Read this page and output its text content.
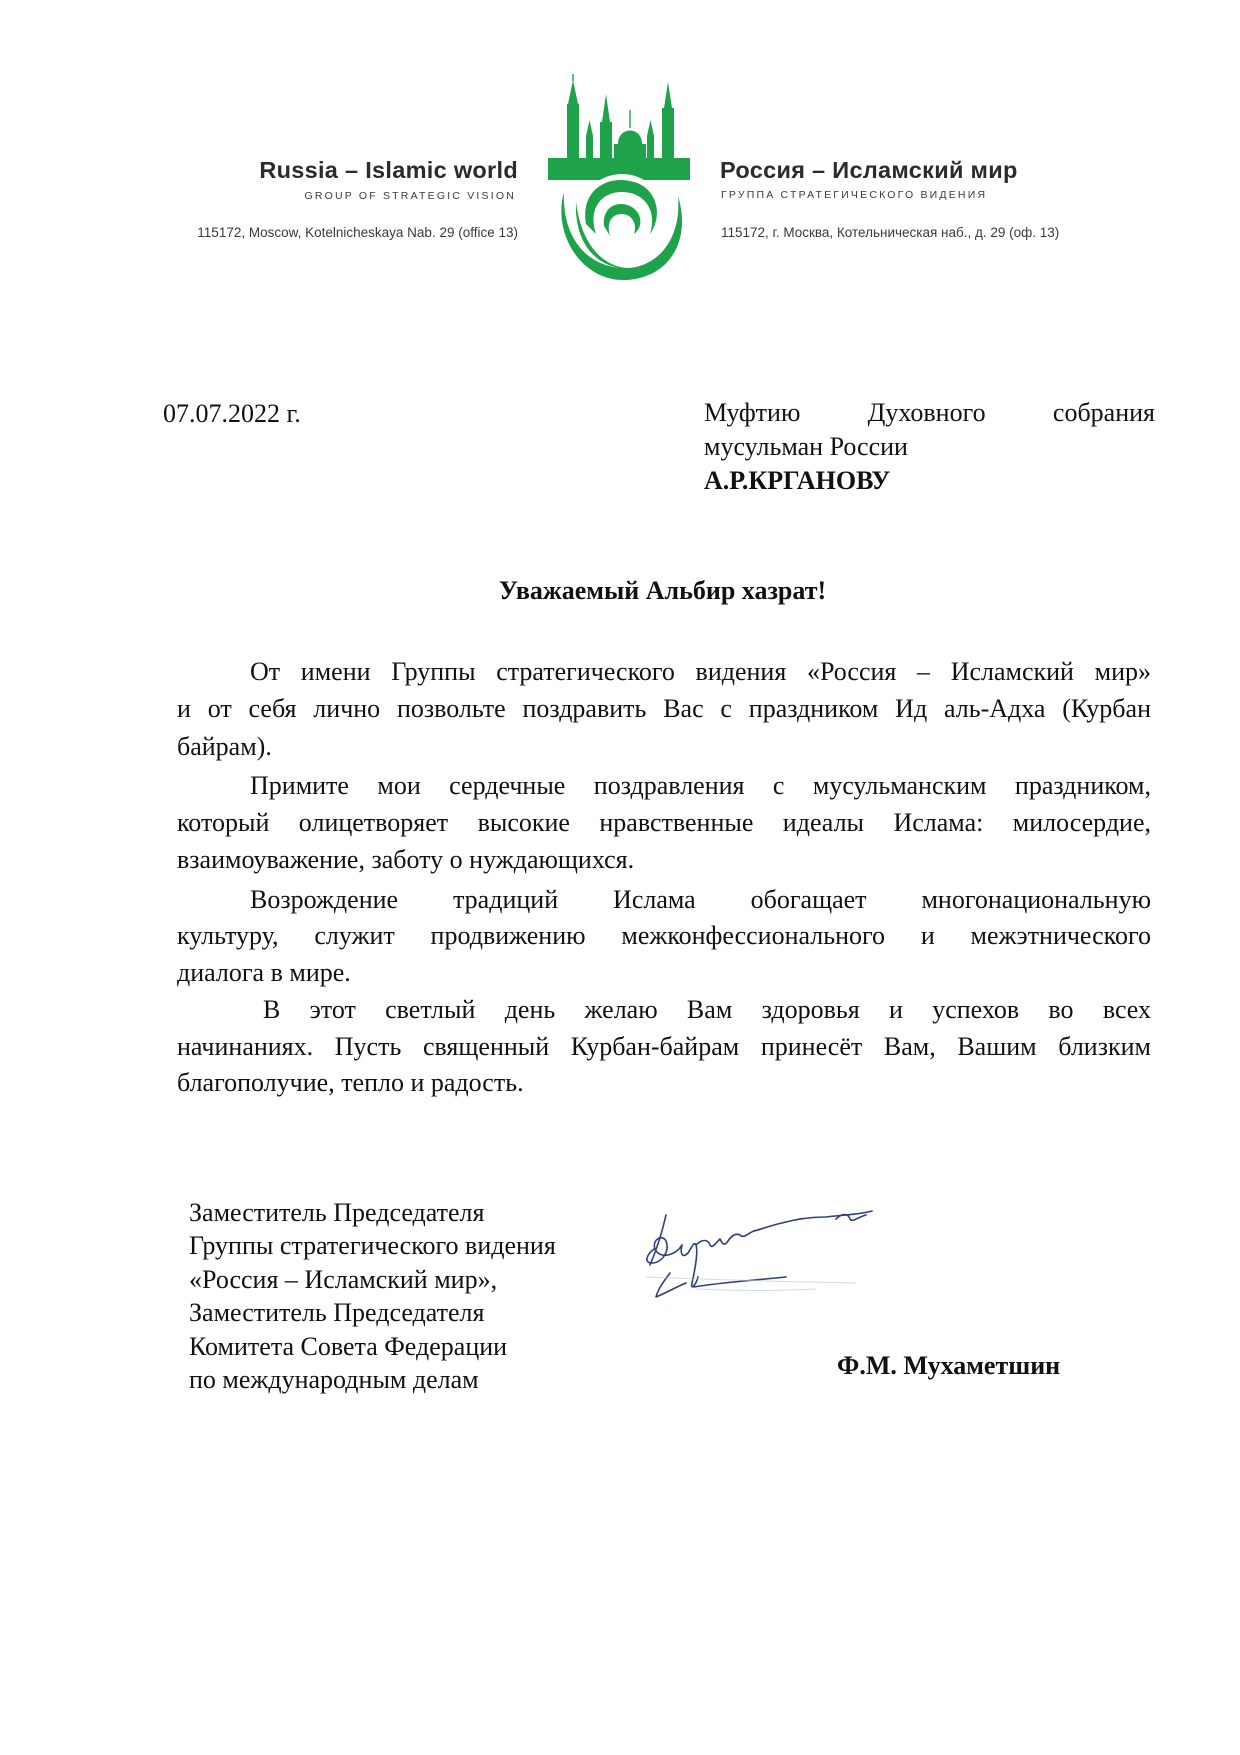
Russia – Islamic world
GROUP OF STRATEGIC VISION
115172, Moscow, Kotelnicheskaya Nab. 29 (office 13)
Россия – Исламский мир
ГРУППА СТРАТЕГИЧЕСКОГО ВИДЕНИЯ
115172, г. Москва, Котельническая наб., д. 29 (оф. 13)
07.07.2022 г.	Муфтию Духовного собрания
мусульман России
А.Р.КРГАНОВУ
Уважаемый Альбир хазрат!
От имени Группы стратегического видения «Россия – Исламский мир»
и от себя лично позвольте поздравить Вас с праздником Ид аль-Адха (Курбан
байрам).
Примите мои сердечные поздравления с мусульманским праздником,
который олицетворяет высокие нравственные идеалы Ислама: милосердие,
взаимоуважение, заботу о нуждающихся.
Возрождение традиций Ислама обогащает многонациональную
культуру, служит продвижению межконфессионального и межэтнического
диалога в мире.
В этот светлый день желаю Вам здоровья и успехов во всех
начинаниях. Пусть священный Курбан-байрам принесёт Вам, Вашим близким
благополучие, тепло и радость.
Заместитель Председателя
Группы стратегического видения
«Россия – Исламский мир»,
Заместитель Председателя
Комитета Совета Федерации
по международным делам	Ф.М. Мухаметшин
